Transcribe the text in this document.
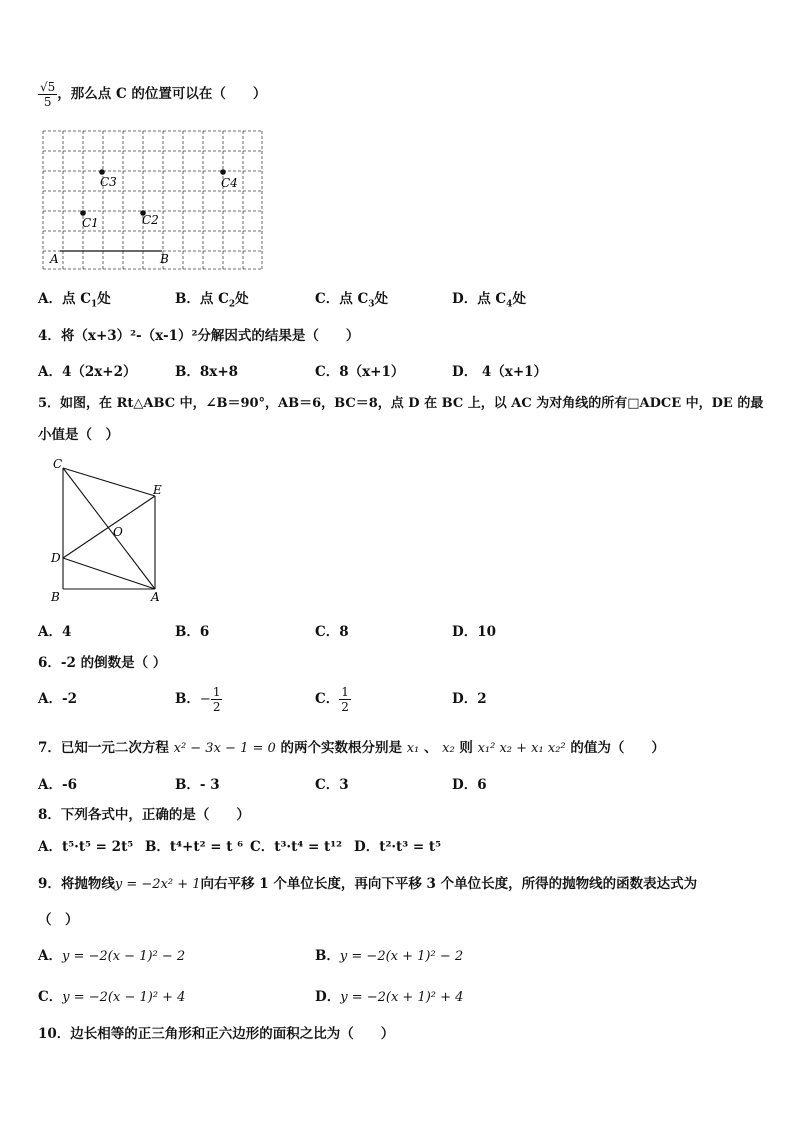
$\frac{√5}{5}$ ，那么点 C 的位置可以在（　　）
A	B
C1	C2
C3	C4
A．点 $C_1$处	B．点 $C_2$处	C．点 $C_3$处	D．点 $C_4$处
4．将（x+3）²-（x-1）²分解因式的结果是（　　）
A．4（2x+2）	B．8x+8	C．8（x+1）	D． 4（x+1）
5．如图，在 Rt△ABC 中，∠B＝90°，AB＝6，BC＝8，点 D 在 BC 上，以 AC 为对角线的所有□ADCE 中，DE 的最
小值是（　）
C
E
O
D
B	A
A．4	B．6	C．8	D．10
6．-2 的倒数是（ ）
A．-2	B．− $\frac{1}{2}$	C． $\frac{1}{2}$	D．2
7．已知一元二次方程 x² − 3x − 1 = 0 的两个实数根分别是 x₁ 、 x₂ 则 x₁² x₂ + x₁ x₂² 的值为（　　）
A．-6	B．- 3	C．3	D．6
8．下列各式中，正确的是（　　）
A．t⁵·t⁵ = 2t⁵ B．t⁴+t² = t ⁶ C．t³·t⁴ = t¹² D．t²·t³ = t⁵
9．将抛物线y = −2x² + 1向右平移 1 个单位长度，再向下平移 3 个单位长度，所得的抛物线的函数表达式为
（　）
A．y = −2(x − 1)² − 2	B．y = −2(x + 1)² − 2
C．y = −2(x − 1)² + 4	D．y = −2(x + 1)² + 4
10．边长相等的正三角形和正六边形的面积之比为（　　）
